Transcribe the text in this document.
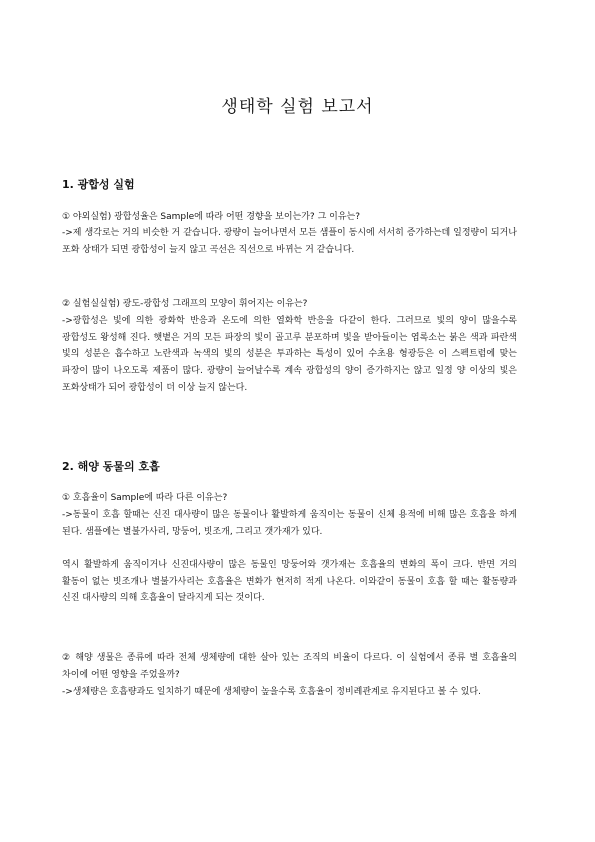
생태학 실험 보고서
1. 광합성 실험
① 야외실험) 광합성율은 Sample에 따라 어떤 경향을 보이는가? 그 이유는?
->제 생각로는 거의 비슷한 거 같습니다. 광량이 늘어나면서 모든 샘플이 동시에 서서히 증가하는데 일정량이 되거나 포화 상태가 되면 광합성이 늘지 않고 곡선은 직선으로 바뀌는 거 같습니다.
② 실험실실험) 광도-광합성 그래프의 모양이 휘어지는 이유는?
->광합성은 빛에 의한 광화학 반응과 온도에 의한 열화학 반응을 다같이 한다. 그러므로 빛의 양이 많을수록 광합성도 왕성해 진다. 햇볕은 거의 모든 파장의 빛이 골고루 분포하며 빛을 받아들이는 엽록소는 붉은 색과 파란색 빛의 성분은 흡수하고 노란색과 녹색의 빛의 성분은 투과하는 특성이 있어 수초용 형광등은 이 스펙트럼에 맞는 파장이 많이 나오도록 제품이 많다. 광량이 늘어날수록 계속 광합성의 양이 증가하지는 않고 일정 양 이상의 빛은 포화상태가 되어 광합성이 더 이상 늘지 않는다.
2. 해양 동물의 호흡
① 호흡율이 Sample에 따라 다른 이유는?
->동물이 호흡 할때는 신진 대사량이 많은 동물이나 활발하게 움직이는 동물이 신체 용적에 비해 많은 호흡을 하게 된다. 샘플에는 별불가사리, 망둥어, 빗조개, 그리고 갯가재가 있다.
역시 활발하게 움직이거나 신진대사량이 많은 동물인 망둥어와 갯가재는 호흡율의 변화의 폭이 크다. 반면 거의 활동이 없는 빗조개나 별불가사리는 호흡율은 변화가 현저히 적게 나온다. 이와같이 동물이 호흡 할 때는 활동량과 신진 대사량의 의해 호흡율이 달라지게 되는 것이다.
② 해양 생물은 종류에 따라 전체 생체량에 대한 살아 있는 조직의 비율이 다르다. 이 실험에서 종류 별 호흡율의 차이에 어떤 영향을 주었을까?
->생체량은 호흡량과도 일치하기 때문에 생체량이 높을수록 호흡율이 정비례관계로 유지된다고 볼 수 있다.
